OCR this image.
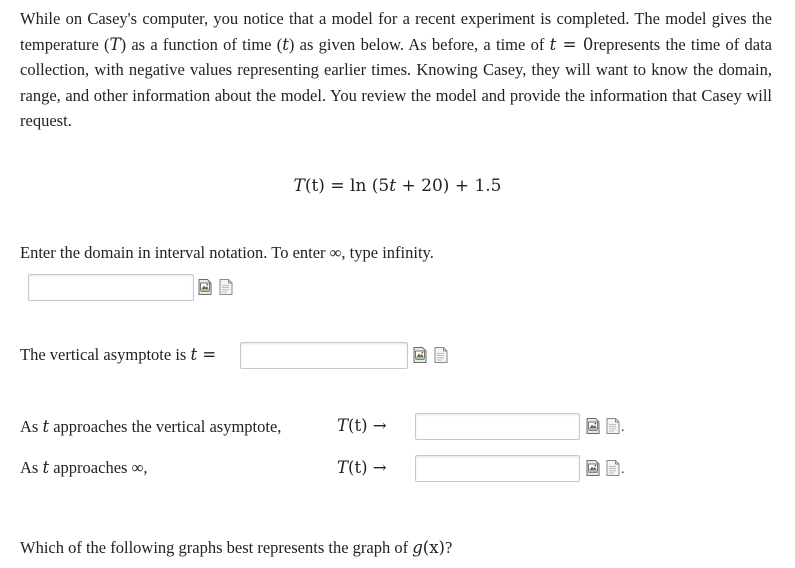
While on Casey's computer, you notice that a model for a recent experiment is completed. The model gives the temperature (T) as a function of time (t) as given below. As before, a time of t = 0represents the time of data collection, with negative values representing earlier times. Knowing Casey, they will want to know the domain, range, and other information about the model. You review the model and provide the information that Casey will request.

T(t) = ln (5t + 20) + 1.5
Enter the domain in interval notation. To enter ∞, type infinity.
The vertical asymptote is t =
As t approaches the vertical asymptote,	T(t) →	.
As t approaches ∞,	T(t) →	.
Which of the following graphs best represents the graph of g(x)?
